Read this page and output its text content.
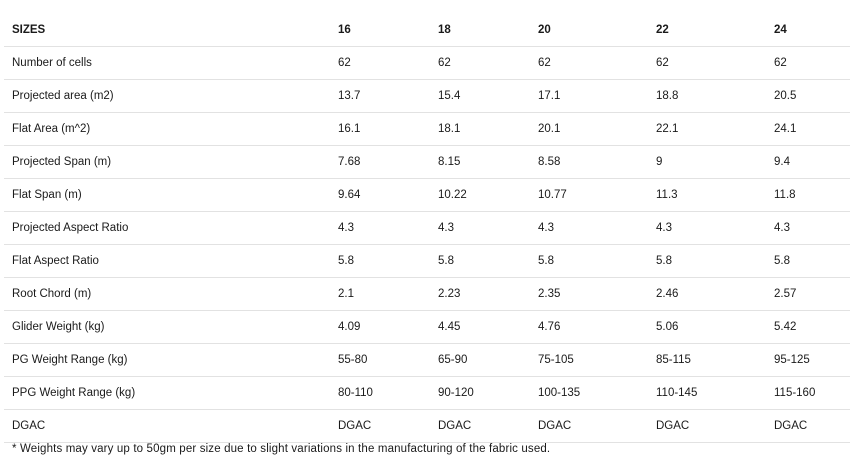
SIZES	16	18	20	22	24
Number of cells	62	62	62	62	62
Projected area (m2)	13.7	15.4	17.1	18.8	20.5
Flat Area (m^2)	16.1	18.1	20.1	22.1	24.1
Projected Span (m)	7.68	8.15	8.58	9	9.4
Flat Span (m)	9.64	10.22	10.77	11.3	11.8
Projected Aspect Ratio	4.3	4.3	4.3	4.3	4.3
Flat Aspect Ratio	5.8	5.8	5.8	5.8	5.8
Root Chord (m)	2.1	2.23	2.35	2.46	2.57
Glider Weight (kg)	4.09	4.45	4.76	5.06	5.42
PG Weight Range (kg)	55-80	65-90	75-105	85-115	95-125
PPG Weight Range (kg)	80-110	90-120	100-135	110-145	115-160
DGAC	DGAC	DGAC	DGAC	DGAC	DGAC
* Weights may vary up to 50gm per size due to slight variations in the manufacturing of the fabric used.
